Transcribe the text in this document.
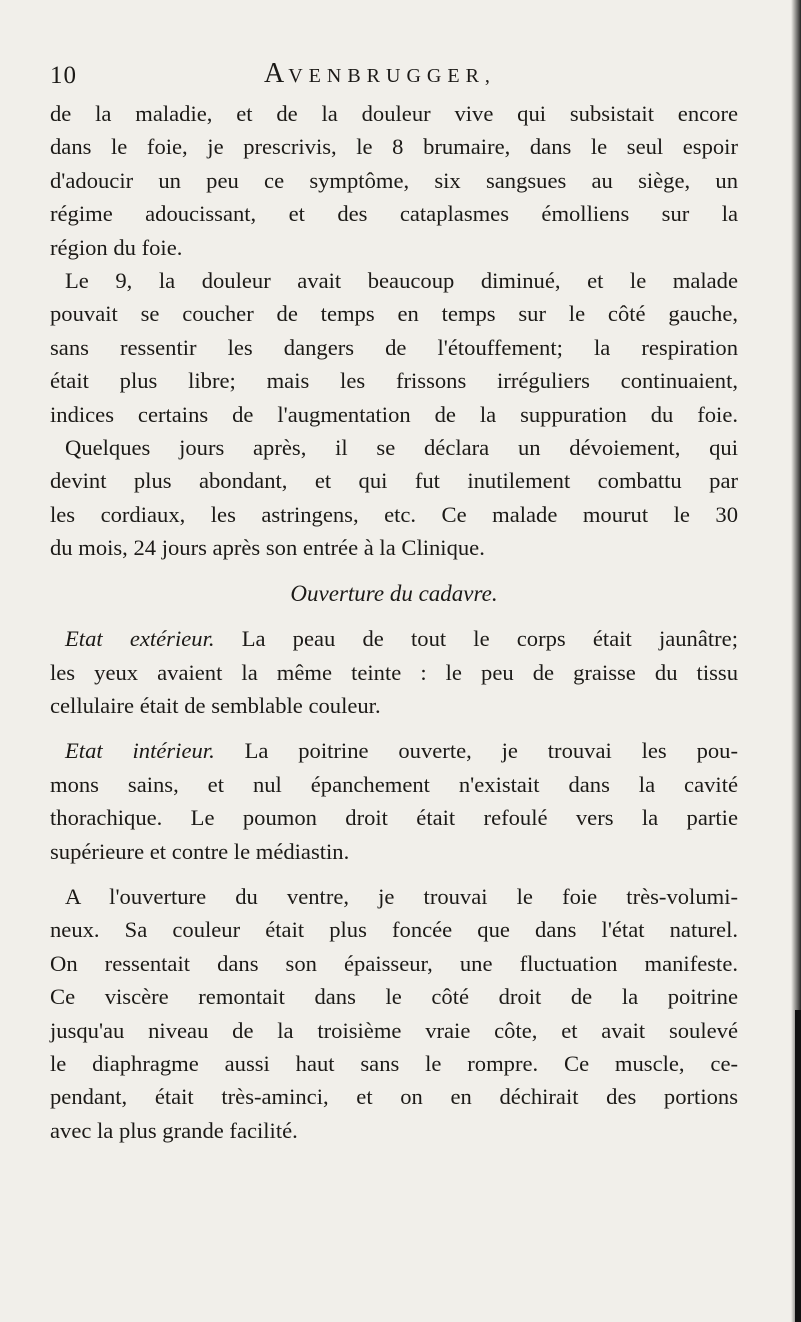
10	AVENBRUGGER,
de la maladie, et de la douleur vive qui subsistait encore
dans le foie, je prescrivis, le 8 brumaire, dans le seul espoir
d'adoucir un peu ce symptôme, six sangsues au siège, un
régime adoucissant, et des cataplasmes émolliens sur la
région du foie.
Le 9, la douleur avait beaucoup diminué, et le malade
pouvait se coucher de temps en temps sur le côté gauche,
sans ressentir les dangers de l'étouffement; la respiration
était plus libre; mais les frissons irréguliers continuaient,
indices certains de l'augmentation de la suppuration du foie.
Quelques jours après, il se déclara un dévoiement, qui
devint plus abondant, et qui fut inutilement combattu par
les cordiaux, les astringens, etc. Ce malade mourut le 30
du mois, 24 jours après son entrée à la Clinique.
Ouverture du cadavre.
Etat extérieur. La peau de tout le corps était jaunâtre;
les yeux avaient la même teinte : le peu de graisse du tissu
cellulaire était de semblable couleur.
Etat intérieur. La poitrine ouverte, je trouvai les pou-
mons sains, et nul épanchement n'existait dans la cavité
thorachique. Le poumon droit était refoulé vers la partie
supérieure et contre le médiastin.
A l'ouverture du ventre, je trouvai le foie très-volumi-
neux. Sa couleur était plus foncée que dans l'état naturel.
On ressentait dans son épaisseur, une fluctuation manifeste.
Ce viscère remontait dans le côté droit de la poitrine
jusqu'au niveau de la troisième vraie côte, et avait soulevé
le diaphragme aussi haut sans le rompre. Ce muscle, ce-
pendant, était très-aminci, et on en déchirait des portions
avec la plus grande facilité.
